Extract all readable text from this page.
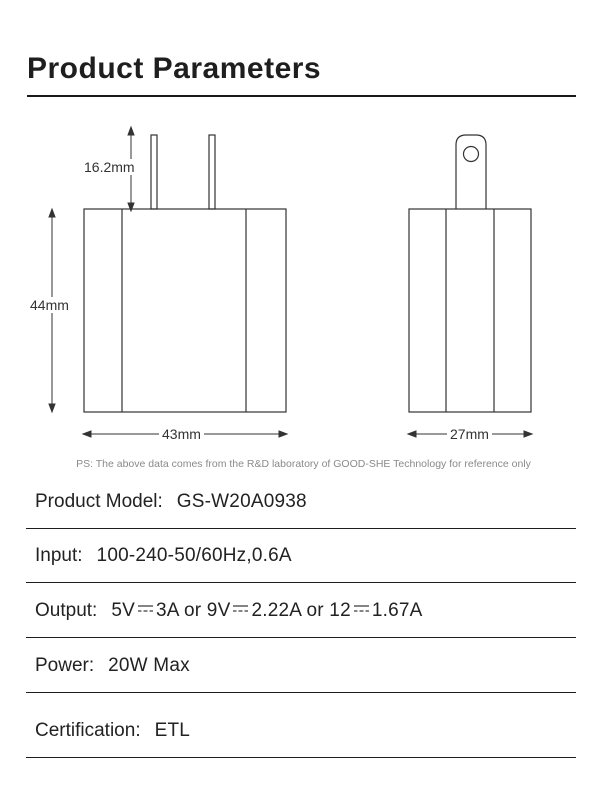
Product Parameters
16.2mm
44mm
43mm	27mm
PS: The above data comes from the R&D laboratory of GOOD-SHE Technology for reference only
Product Model: GS-W20A0938
Input: 100-240-50/60Hz,0.6A
Output: 5V 3A or 9V 2.22A or 12 1.67A
Power: 20W Max
Certification: ETL
